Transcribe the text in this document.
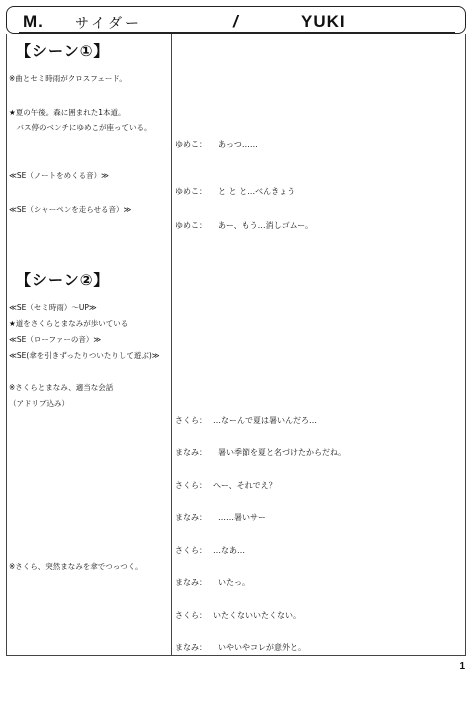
M. サイダー	/	YUKI
【シーン①】
※曲とセミ時雨がクロスフェード。
★夏の午後。森に囲まれた1本道。
　バス停のベンチにゆめこが座っている。
≪SE（ノートをめくる音）≫
≪SE（シャーペンを走らせる音）≫
【シーン②】
≪SE（セミ時雨）～UP≫
★道をさくらとまなみが歩いている
≪SE（ローファーの音）≫
≪SE(傘を引きずったりついたりして遊ぶ)≫
※さくらとまなみ、適当な会話
（アドリブ込み）
※さくら、突然まなみを傘でつっつく。
ゆめこ： あっつ……
ゆめこ： と と と…べんきょう
ゆめこ： あー、もう…消しゴムー。
さくら： …なーんで夏は暑いんだろ…
まなみ： 暑い季節を夏と名づけたからだね。
さくら： へー、それでえ？
まなみ： ……暑いサー
さくら： …なあ…
まなみ： いたっ。
さくら： いたくないいたくない。
まなみ： いやいやコレが意外と。
1
